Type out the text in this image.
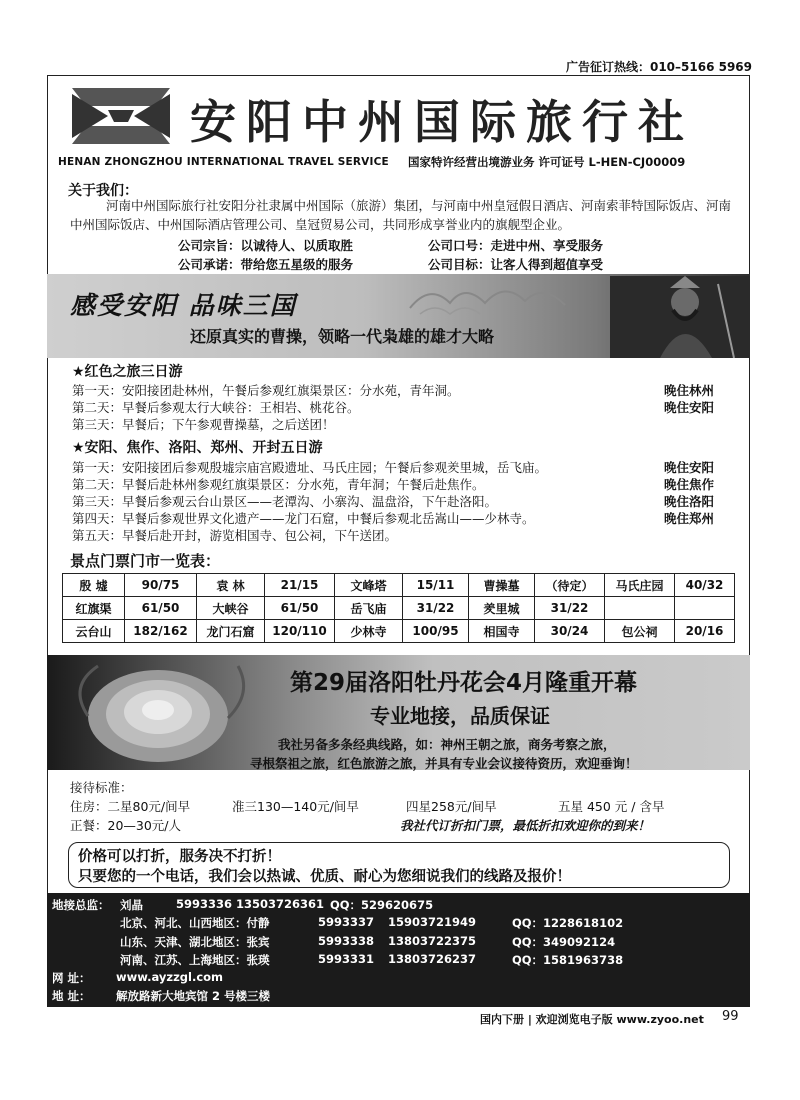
广告征订热线：010–5166 5969
安阳中州国际旅行社
HENAN ZHONGZHOU INTERNATIONAL TRAVEL SERVICE 国家特许经营出境游业务 许可证号 L-HEN-CJ00009
关于我们：
河南中州国际旅行社安阳分社隶属中州国际（旅游）集团，与河南中州皇冠假日酒店、河南索菲特国际饭店、河南中州国际饭店、中州国际酒店管理公司、皇冠贸易公司，共同形成享誉业内的旗舰型企业。
公司宗旨：以诚待人、以质取胜	公司口号：走进中州、享受服务
公司承诺：带给您五星级的服务	公司目标：让客人得到超值享受
感受安阳 品味三国
还原真实的曹操，领略一代枭雄的雄才大略
★红色之旅三日游
第一天：安阳接团赴林州，午餐后参观红旗渠景区：分水苑，青年洞。	晚住林州
第二天：早餐后参观太行大峡谷：王相岩、桃花谷。	晚住安阳
第三天：早餐后；下午参观曹操墓，之后送团！
★安阳、焦作、洛阳、郑州、开封五日游
第一天：安阳接团后参观殷墟宗庙宫殿遗址、马氏庄园；午餐后参观羑里城，岳飞庙。	晚住安阳
第二天：早餐后赴林州参观红旗渠景区：分水苑，青年洞；午餐后赴焦作。	晚住焦作
第三天：早餐后参观云台山景区——老潭沟、小寨沟、温盘浴，下午赴洛阳。	晚住洛阳
第四天：早餐后参观世界文化遗产——龙门石窟，中餐后参观北岳嵩山——少林寺。	晚住郑州
第五天：早餐后赴开封，游览相国寺、包公祠，下午送团。
景点门票门市一览表：
殷 墟	90/75	袁 林	21/15	文峰塔	15/11	曹操墓	（待定）	马氏庄园	40/32
红旗渠	61/50	大峡谷	61/50	岳飞庙	31/22	羑里城	31/22		
云台山	182/162	龙门石窟	120/110	少林寺	100/95	相国寺	30/24	包公祠	20/16
第29届洛阳牡丹花会4月隆重开幕
专业地接，品质保证
我社另备多条经典线路，如：神州王朝之旅，商务考察之旅，
寻根祭祖之旅，红色旅游之旅，并具有专业会议接待资历，欢迎垂询！
接待标准：
住房：二星80元/间早	准三130—140元/间早	四星258元/间早	五星 450 元 / 含早
正餐：20—30元/人	我社代订折扣门票，最低折扣欢迎你的到来！
价格可以打折，服务决不打折！
只要您的一个电话，我们会以热诚、优质、耐心为您细说我们的线路及报价！
地接总监： 刘晶	5993336 13503726361 QQ：529620675
北京、河北、山西地区：付静	5993337 15903721949	QQ：1228618102
山东、天津、湖北地区：张宾	5993338 13803722375	QQ：349092124
河南、江苏、上海地区：张瑛	5993331 13803726237	QQ：1581963738
网 址： www.ayzzgl.com
地 址： 解放路新大地宾馆 2 号楼三楼
国内下册 | 欢迎浏览电子版 www.zyoo.net 99
